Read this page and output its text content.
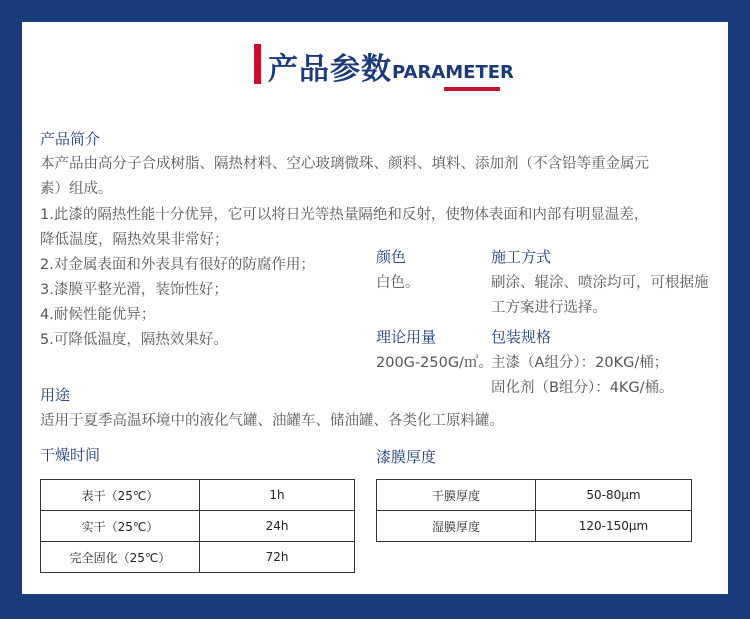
产品参数 PARAMETER
产品简介
本产品由高分子合成树脂、隔热材料、空心玻璃微珠、颜料、填料、添加剂（不含铅等重金属元
素）组成。
1.此漆的隔热性能十分优异，它可以将日光等热量隔绝和反射，使物体表面和内部有明显温差，
降低温度，隔热效果非常好；
2.对金属表面和外表具有很好的防腐作用；
3.漆膜平整光滑，装饰性好；
4.耐候性能优异；
5.可降低温度，隔热效果好。
颜色
白色。
施工方式
刷涂、辊涂、喷涂均可，可根据施
工方案进行选择。
理论用量
200G-250G/㎡。
包装规格
主漆（A组分）：20KG/桶；
固化剂（B组分）：4KG/桶。
用途
适用于夏季高温环境中的液化气罐、油罐车、储油罐、各类化工原料罐。
干燥时间
表干（25℃）	1h
实干（25℃）	24h
完全固化（25℃）	72h
漆膜厚度
干膜厚度	50-80μm
湿膜厚度	120-150μm
